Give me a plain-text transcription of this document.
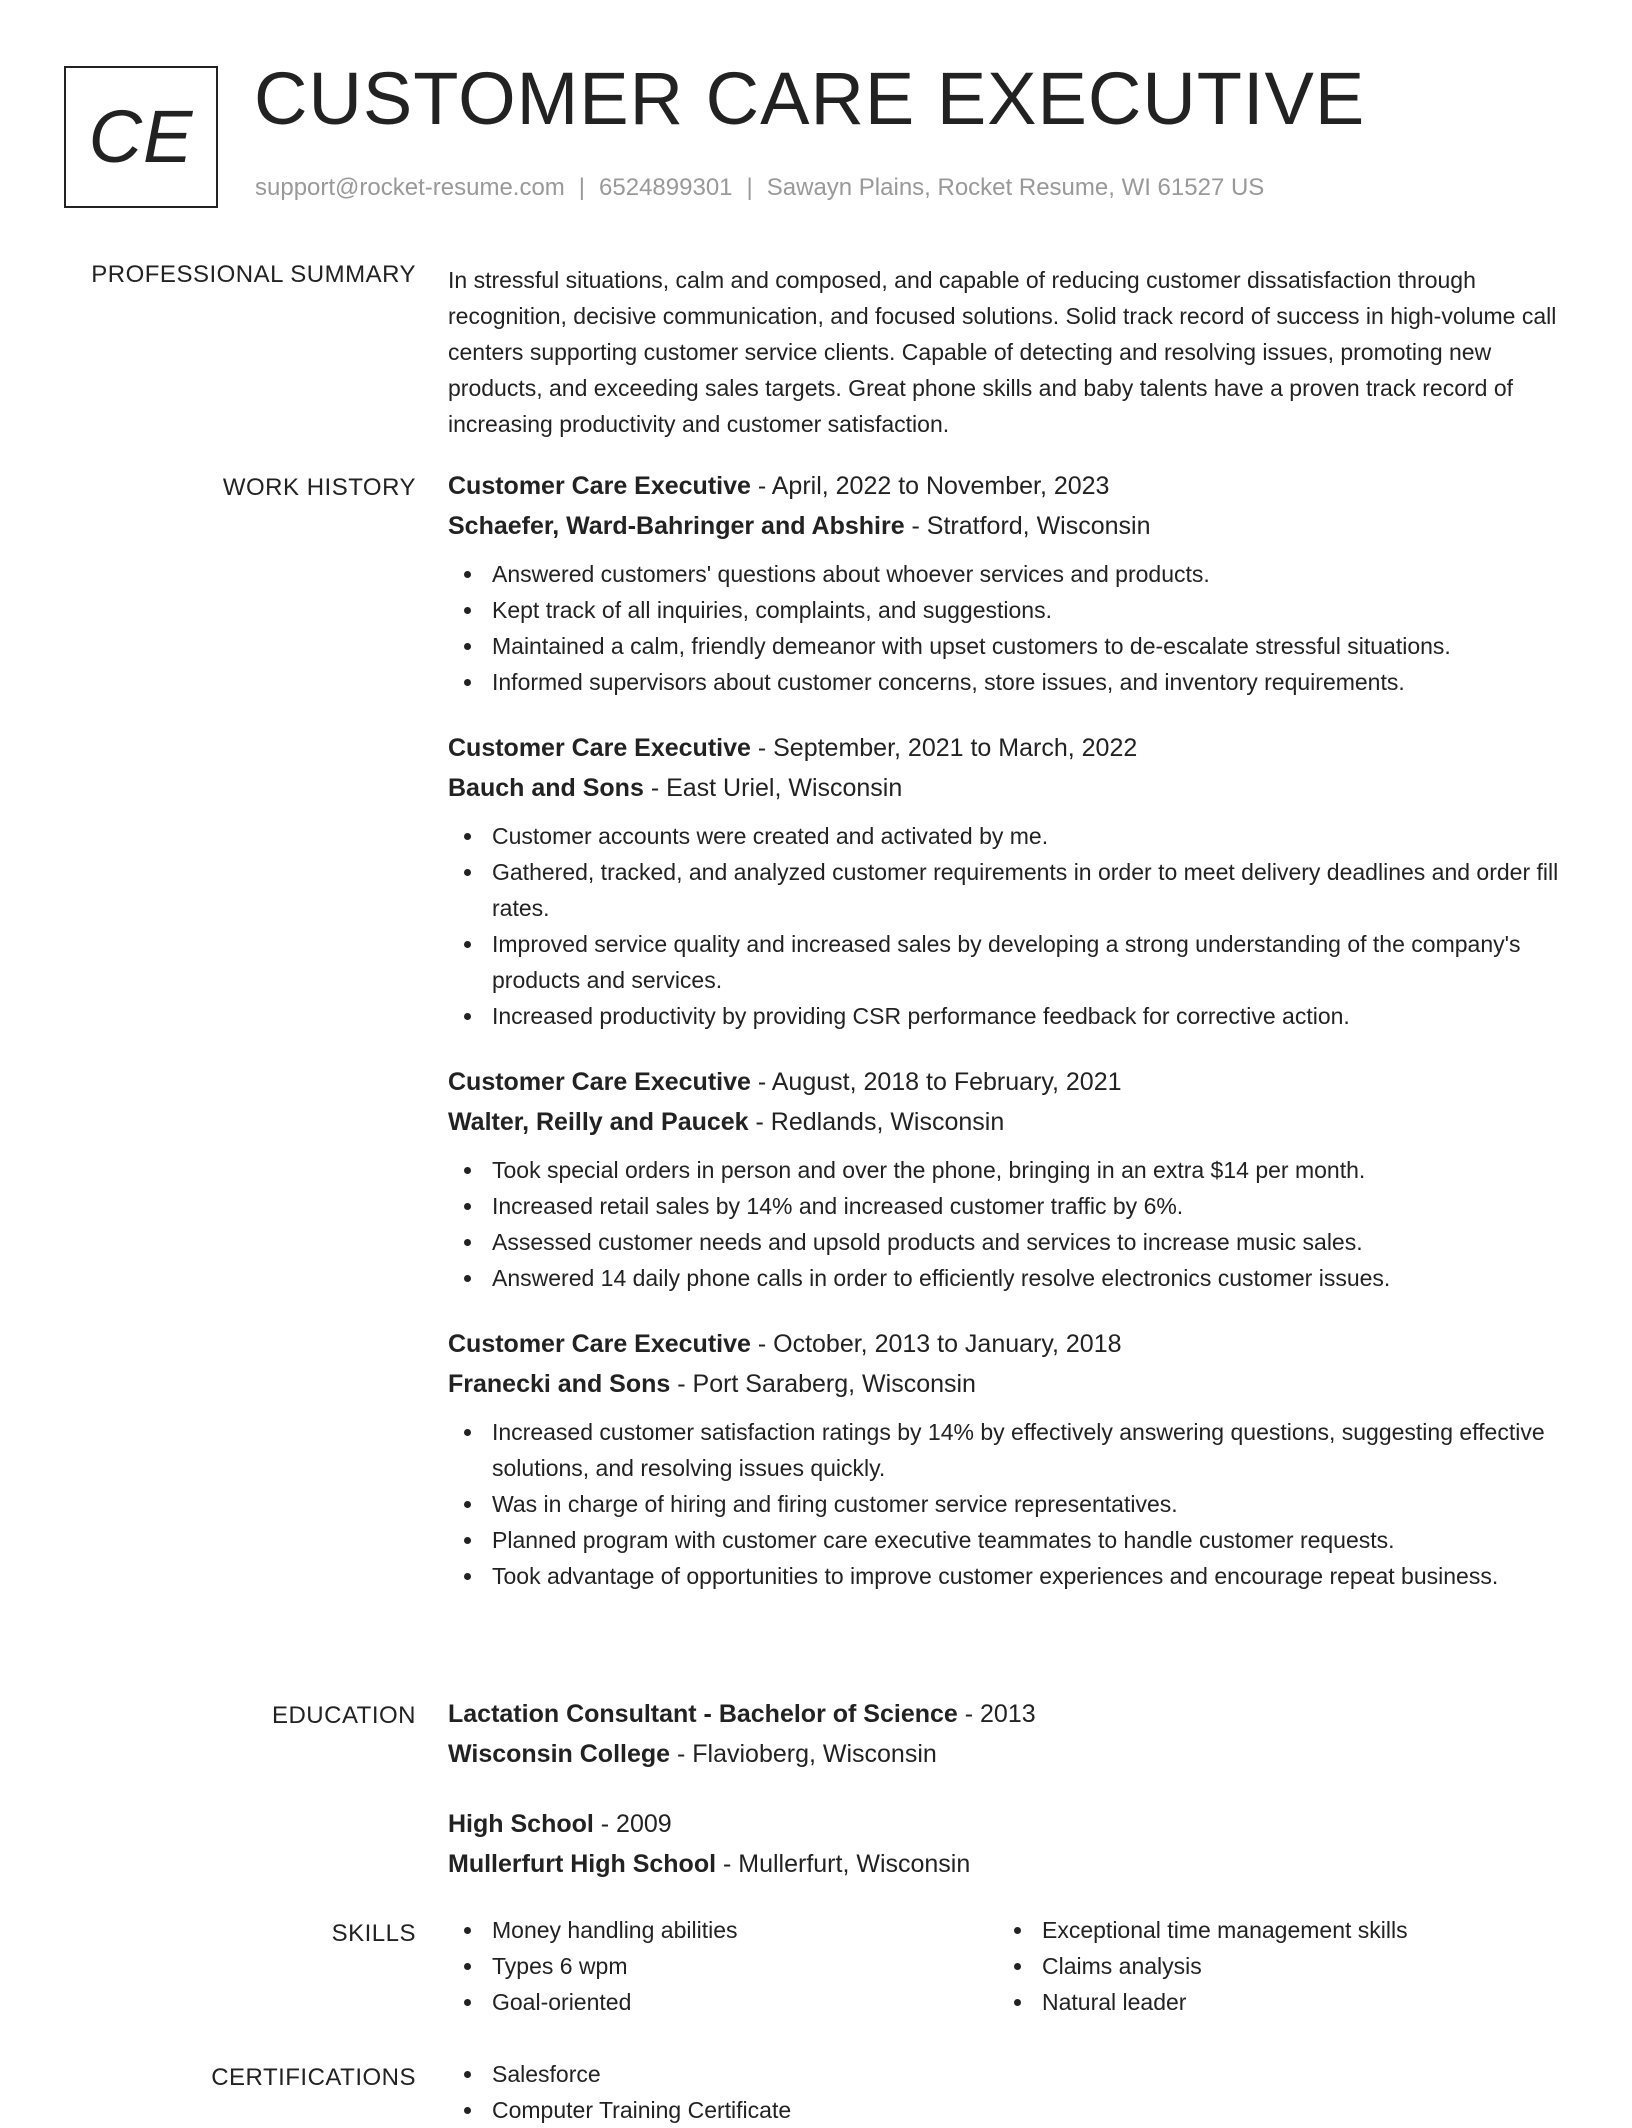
CE CUSTOMER CARE EXECUTIVE
support@rocket-resume.com | 6524899301 | Sawayn Plains, Rocket Resume, WI 61527 US
PROFESSIONAL SUMMARY In stressful situations, calm and composed, and capable of reducing customer dissatisfaction through recognition, decisive communication, and focused solutions. Solid track record of success in high-volume call centers supporting customer service clients. Capable of detecting and resolving issues, promoting new products, and exceeding sales targets. Great phone skills and baby talents have a proven track record of increasing productivity and customer satisfaction.

WORK HISTORY Customer Care Executive - April, 2022 to November, 2023
Schaefer, Ward-Bahringer and Abshire - Stratford, Wisconsin
Answered customers' questions about whoever services and products.
Kept track of all inquiries, complaints, and suggestions.
Maintained a calm, friendly demeanor with upset customers to de-escalate stressful situations.
Informed supervisors about customer concerns, store issues, and inventory requirements.
Customer Care Executive - September, 2021 to March, 2022
Bauch and Sons - East Uriel, Wisconsin
Customer accounts were created and activated by me.
Gathered, tracked, and analyzed customer requirements in order to meet delivery deadlines and order fill rates.
Improved service quality and increased sales by developing a strong understanding of the company's products and services.
Increased productivity by providing CSR performance feedback for corrective action.
Customer Care Executive - August, 2018 to February, 2021
Walter, Reilly and Paucek - Redlands, Wisconsin
Took special orders in person and over the phone, bringing in an extra $14 per month.
Increased retail sales by 14% and increased customer traffic by 6%.
Assessed customer needs and upsold products and services to increase music sales.
Answered 14 daily phone calls in order to efficiently resolve electronics customer issues.
Customer Care Executive - October, 2013 to January, 2018
Franecki and Sons - Port Saraberg, Wisconsin
Increased customer satisfaction ratings by 14% by effectively answering questions, suggesting effective solutions, and resolving issues quickly.
Was in charge of hiring and firing customer service representatives.
Planned program with customer care executive teammates to handle customer requests.
Took advantage of opportunities to improve customer experiences and encourage repeat business.
EDUCATION Lactation Consultant - Bachelor of Science - 2013
Wisconsin College - Flavioberg, Wisconsin
High School - 2009
Mullerfurt High School - Mullerfurt, Wisconsin
SKILLS	Money handling abilities
Types 6 wpm
Goal-oriented
Exceptional time management skills
Claims analysis
Natural leader
CERTIFICATIONS	Salesforce
Computer Training Certificate
